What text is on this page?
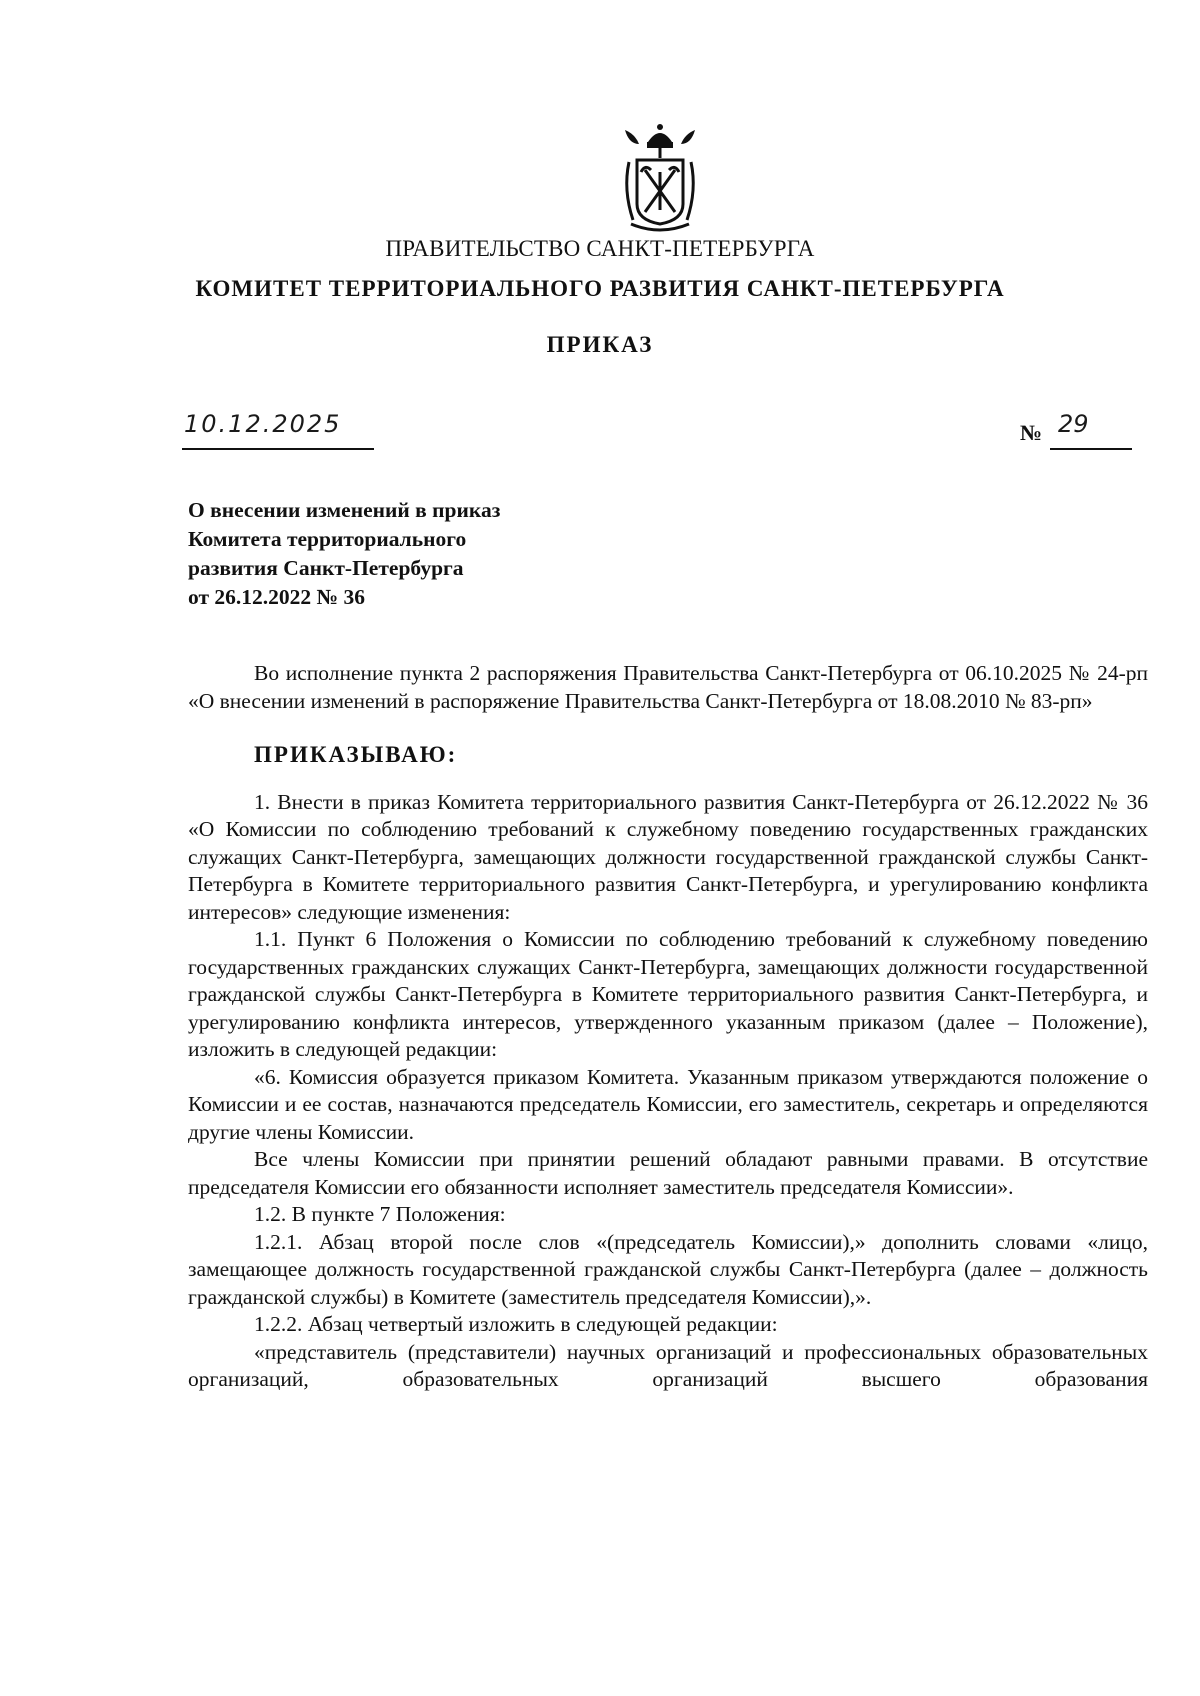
ПРАВИТЕЛЬСТВО САНКТ-ПЕТЕРБУРГА
КОМИТЕТ ТЕРРИТОРИАЛЬНОГО РАЗВИТИЯ САНКТ-ПЕТЕРБУРГА
ПРИКАЗ
10.12.2025	№ 29
О внесении изменений в приказ
Комитета территориального
развития Санкт-Петербурга
от 26.12.2022 № 36

Во исполнение пункта 2 распоряжения Правительства Санкт-Петербурга от 06.10.2025 № 24-рп «О внесении изменений в распоряжение Правительства Санкт-Петербурга от 18.08.2010 № 83-рп»

ПРИКАЗЫВАЮ:

1. Внести в приказ Комитета территориального развития Санкт-Петербурга от 26.12.2022 № 36 «О Комиссии по соблюдению требований к служебному поведению государственных гражданских служащих Санкт-Петербурга, замещающих должности государственной гражданской службы Санкт-Петербурга в Комитете территориального развития Санкт-Петербурга, и урегулированию конфликта интересов» следующие изменения:

1.1. Пункт 6 Положения о Комиссии по соблюдению требований к служебному поведению государственных гражданских служащих Санкт-Петербурга, замещающих должности государственной гражданской службы Санкт-Петербурга в Комитете территориального развития Санкт-Петербурга, и урегулированию конфликта интересов, утвержденного указанным приказом (далее – Положение), изложить в следующей редакции:

«6. Комиссия образуется приказом Комитета. Указанным приказом утверждаются положение о Комиссии и ее состав, назначаются председатель Комиссии, его заместитель, секретарь и определяются другие члены Комиссии.

Все члены Комиссии при принятии решений обладают равными правами. В отсутствие председателя Комиссии его обязанности исполняет заместитель председателя Комиссии».

1.2. В пункте 7 Положения:

1.2.1. Абзац второй после слов «(председатель Комиссии),» дополнить словами «лицо, замещающее должность государственной гражданской службы Санкт-Петербурга (далее – должность гражданской службы) в Комитете (заместитель председателя Комиссии),».

1.2.2. Абзац четвертый изложить в следующей редакции:

«представитель (представители) научных организаций и профессиональных образовательных организаций, образовательных организаций высшего образования
